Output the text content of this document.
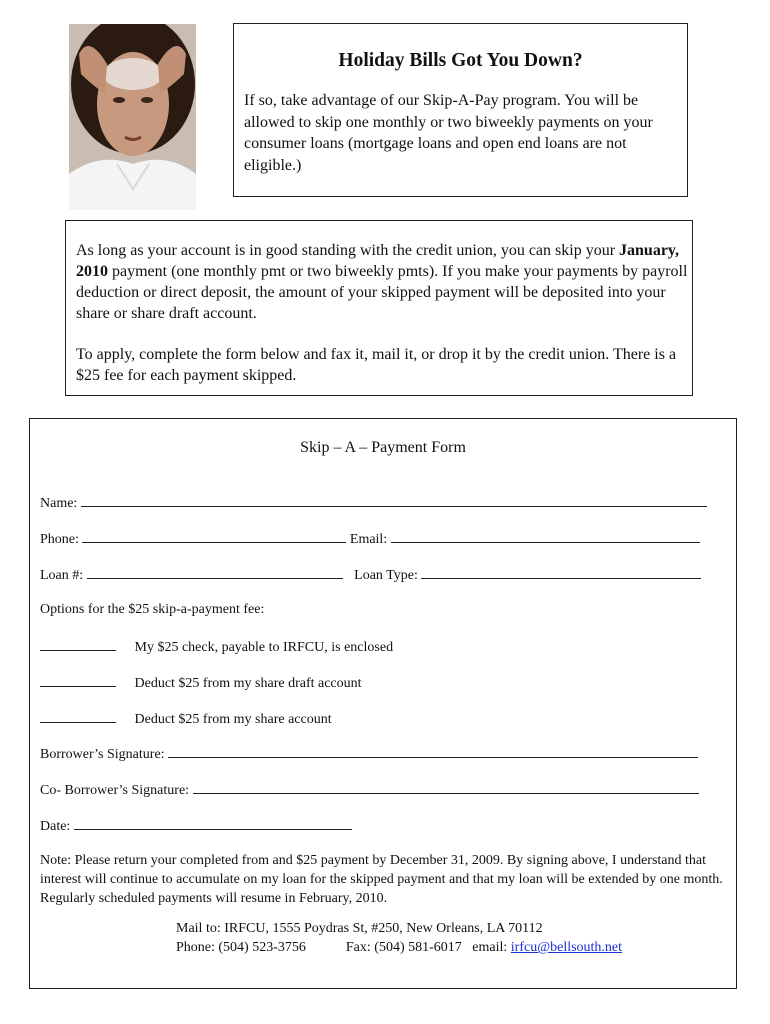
Holiday Bills Got You Down?
If so, take advantage of our Skip-A-Pay program. You will be allowed to skip one monthly or two biweekly payments on your consumer loans (mortgage loans and open end loans are not eligible.)

As long as your account is in good standing with the credit union, you can skip your January, 2010 payment (one monthly pmt or two biweekly pmts). If you make your payments by payroll deduction or direct deposit, the amount of your skipped payment will be deposited into your share or share draft account.

To apply, complete the form below and fax it, mail it, or drop it by the credit union. There is a $25 fee for each payment skipped.

Skip – A – Payment Form
Name:
Phone:	Email:
Loan #:	Loan Type:
Options for the $25 skip-a-payment fee:
My $25 check, payable to IRFCU, is enclosed
Deduct $25 from my share draft account
Deduct $25 from my share account
Borrower’s Signature:
Co- Borrower’s Signature:
Date:
Note: Please return your completed from and $25 payment by December 31, 2009. By signing above, I understand that interest will continue to accumulate on my loan for the skipped payment and that my loan will be extended by one month. Regularly scheduled payments will resume in February, 2010.
Mail to: IRFCU, 1555 Poydras St, #250, New Orleans, LA 70112
Phone: (504) 523-3756	Fax: (504) 581-6017 email: irfcu@bellsouth.net
